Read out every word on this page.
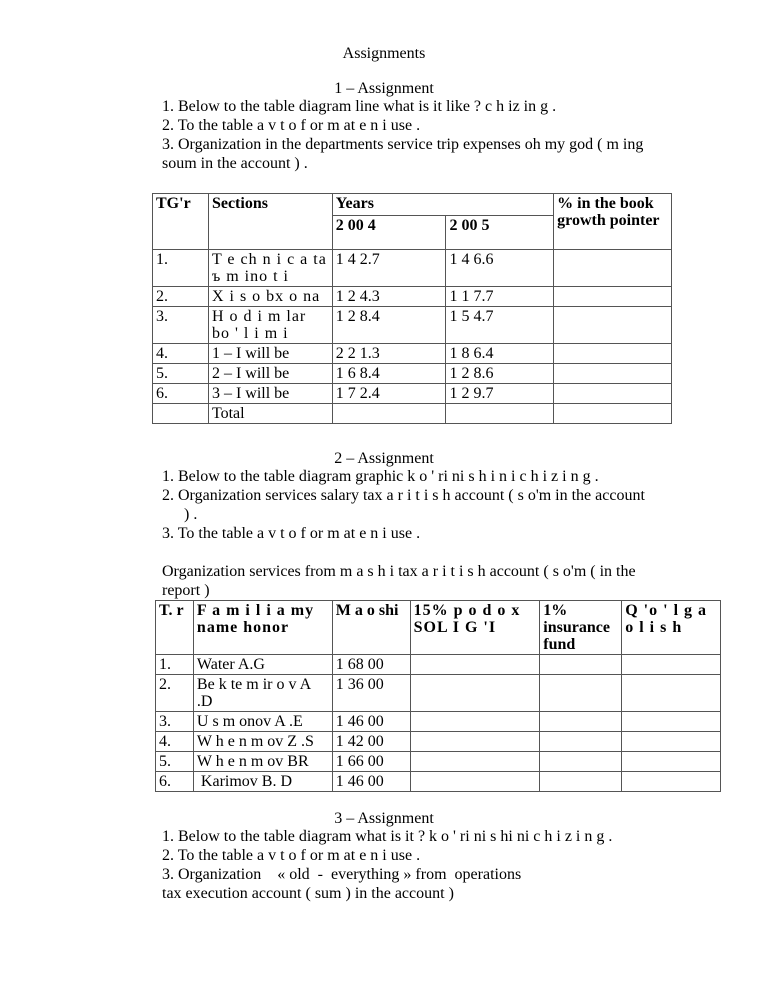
Assignments
1 – Assignment
1. Below to the table diagram line what is it like ? c h iz in g .
2. To the table a v t o f or m at e n i use .
3. Organization in the departments service trip expenses oh my god ( m ing
soum in the account ) .
TG'r	Sections	Years		% in the book growth pointer
		2 00 4	2 00 5	
1.	T e ch n i c a ta ъ m ino t i	1 4 2.7	1 4 6.6	
2.	X i s o bx o na	1 2 4.3	1 1 7.7	
3.	H o d i m lar bo ' l i m i	1 2 8.4	1 5 4.7	
4.	1 – I will be	2 2 1.3	1 8 6.4	
5.	2 – I will be	1 6 8.4	1 2 8.6	
6.	3 – I will be	1 7 2.4	1 2 9.7	
	Total			
2 – Assignment
1. Below to the table diagram graphic k o ' ri ni s h i n i c h i z i n g .
2. Organization services salary tax a r i t i s h account ( s o'm in the account
) .
3. To the table a v t o f or m at e n i use .
Organization services from m a s h i tax a r i t i s h account ( s o'm ( in the
report )
T. r	F a m i l i a my name honor	M a o shi	15% p o d o x SOL I G 'I	1% insurance fund	Q 'o ' l g a o l i s h
1.	Water A.G	1 68 00			
2.	Be k te m ir o v A .D	1 36 00			
3.	U s m onov A .E	1 46 00			
4.	W h e n m ov Z .S	1 42 00			
5.	W h e n m ov BR	1 66 00			
6.	Karimov B. D	1 46 00			
3 – Assignment
1. Below to the table diagram what is it ? k o ' ri ni s hi ni c h i z i n g .
2. To the table a v t o f or m at e n i use .
3. Organization    « old  -  everything » from  operations
tax execution account ( sum ) in the account )
